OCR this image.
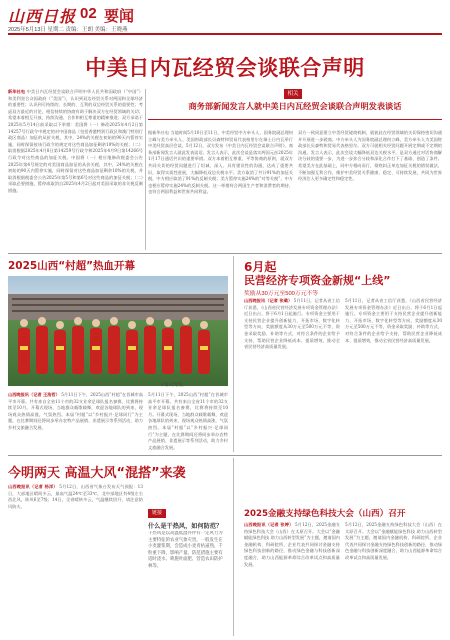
山西日报 02 要闻
2025年5月13日 星期二 责编：王朗 美编：王晓燕
中美日内瓦经贸会谈联合声明
新华社电 中美日内瓦经贸会谈联合声明中华人民共和国政府（“中国”）和美利坚合众国政府（“美国”），认识到双边经贸关系对两国和全球经济的重要性；认识到可持续的、长期的、互利的双边经贸关系的重要性；考虑双方最近的讨论，相信持续的协商有助于解决双方在经贸领域的关切；希望本着相互开放、持续沟通、合作和相互尊重的精神推进；双方承诺于2025年5月14日前采取以下举措：美国将（一）修改2025年4月2日第14257号行政令中规定的对中国商品（包括香港特别行政区和澳门特别行政区商品）加征的从价关税，其中，24%的关税在初始的90天内暂停实施，同时保留按该行政令的规定对这些商品加征剩余10%的关税；（二）取消根据2025年4月8日第14259号行政令和2025年4月9日第14266号行政令对这些商品的加征关税。中国将（一）相应地修改税委会公告2025年第4号规定的对美国商品加征的从价关税，其中，24%的关税在初始的90天内暂停实施，同时保留对这些商品加征剩余10%的关税，并取消根据税委会公告2025年第5号和第6号对这些商品的加征关税；（二）采取必要措施，暂停或取消自2025年4月2日起对美国采取的非关税反制措施。
相关
商务部新闻发言人就中美日内瓦经贸会谈联合声明发表谈话
据新华社电 当地时间5月10日至11日，中美经贸中方牵头人、国务院副总理何立峰与美方牵头人、美国财政部长贝森特和贸易代表格里尔在瑞士日内瓦举行中美经贸高层会谈。5月12日，双方发布《中美日内瓦经贸会谈联合声明》。商务部新闻发言人就此发表谈话。发言人表示，此次会谈是落实两国元首2025年1月17日通话共识的重要举措。双方本着相互尊重、平等协商的原则，就双方共同关切的经贸问题进行了坦诚、深入、具有建设性的沟通，达成了重要共识，取得实质性进展，大幅降低双边关税水平。美方取消了共计91%的加征关税，中方相应取消了91%的反制关税；美方暂停实施24%的“对等关税”，中方也相应暂停实施24%的反制关税。这一举措符合两国生产者和消费者的期待，也符合两国利益和世界共同利益。
双方一致同意建立中美经贸磋商机制，就彼此在经贸领域的关切保持密切沟通并开展进一步磋商。中方牵头人为国务院副总理何立峰，美方牵头人为美国财政部长贝森特和贸易代表格里尔。双方可就相关经贸问题开展定期或不定期的沟通。发言人表示，此次会谈大幅降低双边关税水平，是双方通过对话协商解决分歧的重要一步，为进一步弥合分歧和深化合作打下了基础、创造了条件。希望美方在此基础上，同中方相向而行，彻底纠正单边加征关税的错误做法，不断加强互利合作，维护中美经贸关系健康、稳定、可持续发展，共同为世界经济注入更多确定性和稳定性。
2025山西“村超”热血开幕
开幕式现场。
山西晚报讯（记者 王浩哲） 5月11日下午，2025山西“村超”在晋城市高平市开幕。共有来自全省11个市的32支业余足球队报名参赛，比赛将持续至10月。开幕式现场，当地群众载歌载舞，欢迎各地球队的到来，现场观众热情高涨，气氛热烈。本届“村超”以“乡村振兴·足球同行”为主题，在比赛期间还将同步举办农特产品展销、非遗展示等系列活动，助力乡村文旅融合发展。
5月11日下午，2025山西“村超”在晋城市高平市开幕。共有来自全省11个市的32支业余足球队报名参赛，比赛将持续至10月。开幕式现场，当地群众载歌载舞，欢迎各地球队的到来，现场观众热情高涨，气氛热烈。本届“村超”以“乡村振兴·足球同行”为主题，在比赛期间还将同步举办农特产品展销、非遗展示等系列活动，助力乡村文旅融合发展。
6月起
民营经济专项资金新规“上线”
奖励从30万元至500万元不等
山西晚报讯（记者 张璐） 5月11日，记者从省工信厅获悉，《山西省民营经济发展专项资金管理办法》近日出台，将于6月1日起施行。专项资金主要用于支持民营企业提升创新能力、开拓市场、数字化转型等方向，奖励额度从30万元至500万元不等，资金采取奖励、补助等方式，对符合条件的企业给予支持，帮助民营企业降低成本、提质增效，推动全省民营经济高质量发展。
5月11日，记者从省工信厅获悉，《山西省民营经济发展专项资金管理办法》近日出台，将于6月1日起施行。专项资金主要用于支持民营企业提升创新能力、开拓市场、数字化转型等方向，奖励额度从30万元至500万元不等，资金采取奖励、补助等方式，对符合条件的企业给予支持，帮助民营企业降低成本、提质增效，推动全省民营经济高质量发展。
今明两天 高温大风“混搭”来袭
山西晚报讯（记者 杨洋） 5月12日，山西省气象台发布天气预报：13日，大部地区晴间多云，最高气温24℃至33℃，北中部地区有4级左右西北风，阵风6至7级；14日，全省晴转多云，气温继续回升，请注意防风防火。
链接
什么是干热风，如何防范？
干热风是以高温低湿并伴有一定风力为主要特征的农业气象灾害，一般发生在小麦灌浆期，会造成小麦青枯逼熟，千粒重下降，影响产量。防范措施主要有适时浇水、喷施叶面肥、营造农田防护林等。
2025金融支持绿色科技大会（山西）召开
山西晚报讯（记者 张婷） 5月12日，2025金融支持绿色科技大会（山西）在太原召开。大会以“金融赋能绿色科技 助力山西转型发展”为主题，邀请国内金融机构、科研院所、企业代表共同探讨金融支持绿色科技创新的路径，推动绿色金融与科技创新深度融合，助力山西能源革命综合改革试点和高质量发展。
5月12日，2025金融支持绿色科技大会（山西）在太原召开。大会以“金融赋能绿色科技 助力山西转型发展”为主题，邀请国内金融机构、科研院所、企业代表共同探讨金融支持绿色科技创新的路径，推动绿色金融与科技创新深度融合，助力山西能源革命综合改革试点和高质量发展。
